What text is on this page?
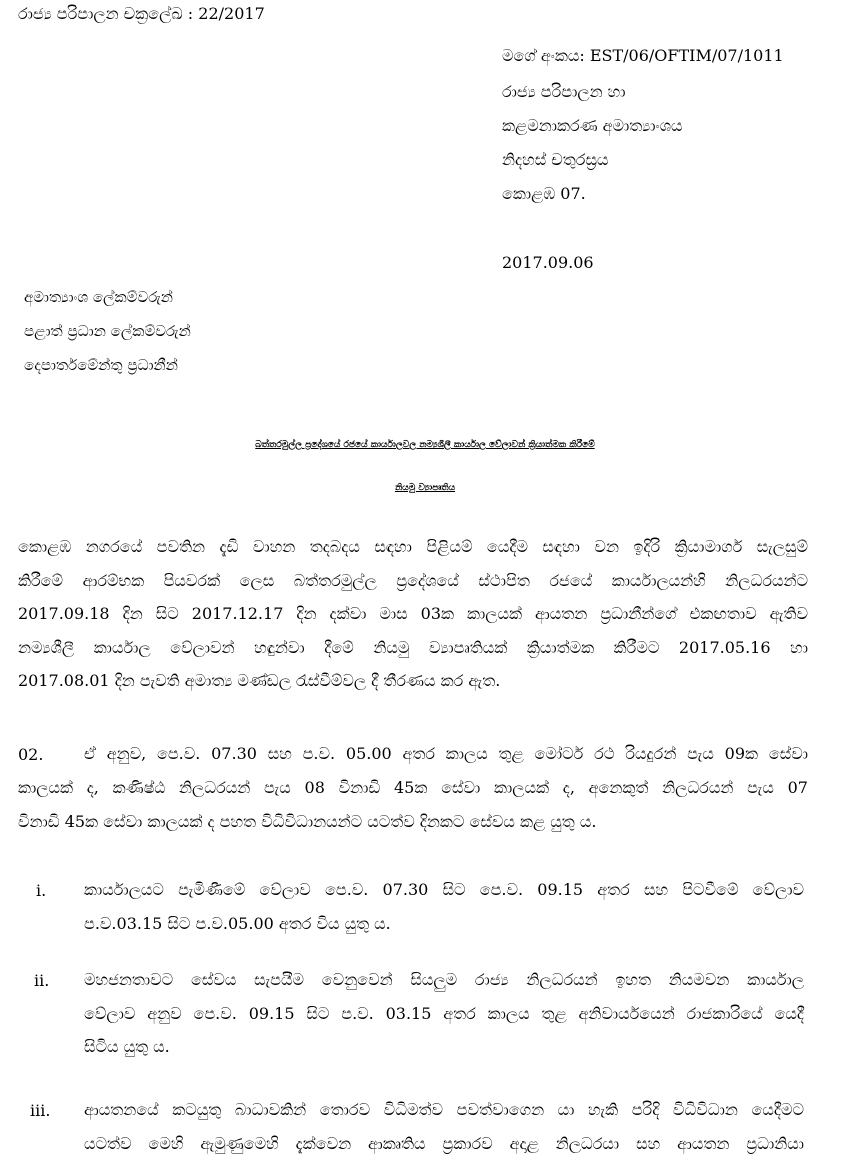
රාජ්‍ය පරිපාලන චක්‍රලේඛ : 22/2017
මගේ අංකය: EST/06/OFTIM/07/1011
රාජ්‍ය පරිපාලන හා
කළමනාකරණ අමාත්‍යාංශය
නිදහස් චතුරස්‍රය
කොළඹ 07.
2017.09.06
අමාත්‍යාංශ ලේකම්වරුන්
පළාත් ප්‍රධාන ලේකම්වරුන්
දෙපාර්තමේන්තු ප්‍රධානීන්
බත්තරමුල්ල ප්‍රදේශයේ රජයේ කාර්යාලවල නම්‍යශීලී කාර්යාල වේලාවන් ක්‍රියාත්මක කිරීමේ
නියමු ව්‍යාපෘතිය
කොළඹ නගරයේ පවතින දැඩි වාහන තදබදය සඳහා පිළියම් යෙදීම සඳහා වන ඉදිරි ක්‍රියාමාර්ග සැලසුම්
කිරීමේ ආරම්භක පියවරක් ලෙස බත්තරමුල්ල ප්‍රදේශයේ ස්ථාපිත රජයේ කාර්යාලයන්හි නිලධරයන්ට
2017.09.18 දින සිට 2017.12.17 දින දක්වා මාස 03ක කාලයක් ආයතන ප්‍රධානීන්ගේ එකඟතාව ඇතිව
නම්‍යශීලී කාර්යාල වේලාවන් හඳුන්වා දීමේ නියමු ව්‍යාපෘතියක් ක්‍රියාත්මක කිරීමට 2017.05.16 හා
2017.08.01 දින පැවති අමාත්‍ය මණ්ඩල රැස්වීම්වල දී තීරණය කර ඇත.
02.	ඒ අනුව, පෙ.ව. 07.30 සහ ප.ව. 05.00 අතර කාලය තුළ මෝටර් රථ රියදුරන් පැය 09ක සේවා
කාලයක් ද, කණිෂ්ඨ නිලධරයන් පැය 08 විනාඩි 45ක සේවා කාලයක් ද, අනෙකුත් නිලධරයන් පැය 07
විනාඩි 45ක සේවා කාලයක් ද පහත විධිවිධානයන්ට යටත්ව දිනකට සේවය කළ යුතු ය.
i. කාර්යාලයට පැමිණීමේ වේලාව පෙ.ව. 07.30 සිට පෙ.ව. 09.15 අතර සහ පිටවීමේ වේලාව
ප.ව.03.15 සිට ප.ව.05.00 අතර විය යුතු ය.
ii. මහජනතාවට සේවය සැපයීම වෙනුවෙන් සියලුම රාජ්‍ය නිලධරයන් ඉහත නියමවන කාර්යාල
වේලාව අනුව පෙ.ව. 09.15 සිට ප.ව. 03.15 අතර කාලය තුළ අනිවාර්යයෙන් රාජකාරියේ යෙදී
සිටිය යුතු ය.
iii. ආයතනයේ කටයුතු බාධාවකින් තොරව විධිමත්ව පවත්වාගෙන යා හැකි පරිදි විධිවිධාන යෙදීමට
යටත්ව මෙහි ඇමුණුමෙහි දැක්වෙන ආකෘතිය ප්‍රකාරව අදාළ නිලධරයා සහ ආයතන ප්‍රධානියා
